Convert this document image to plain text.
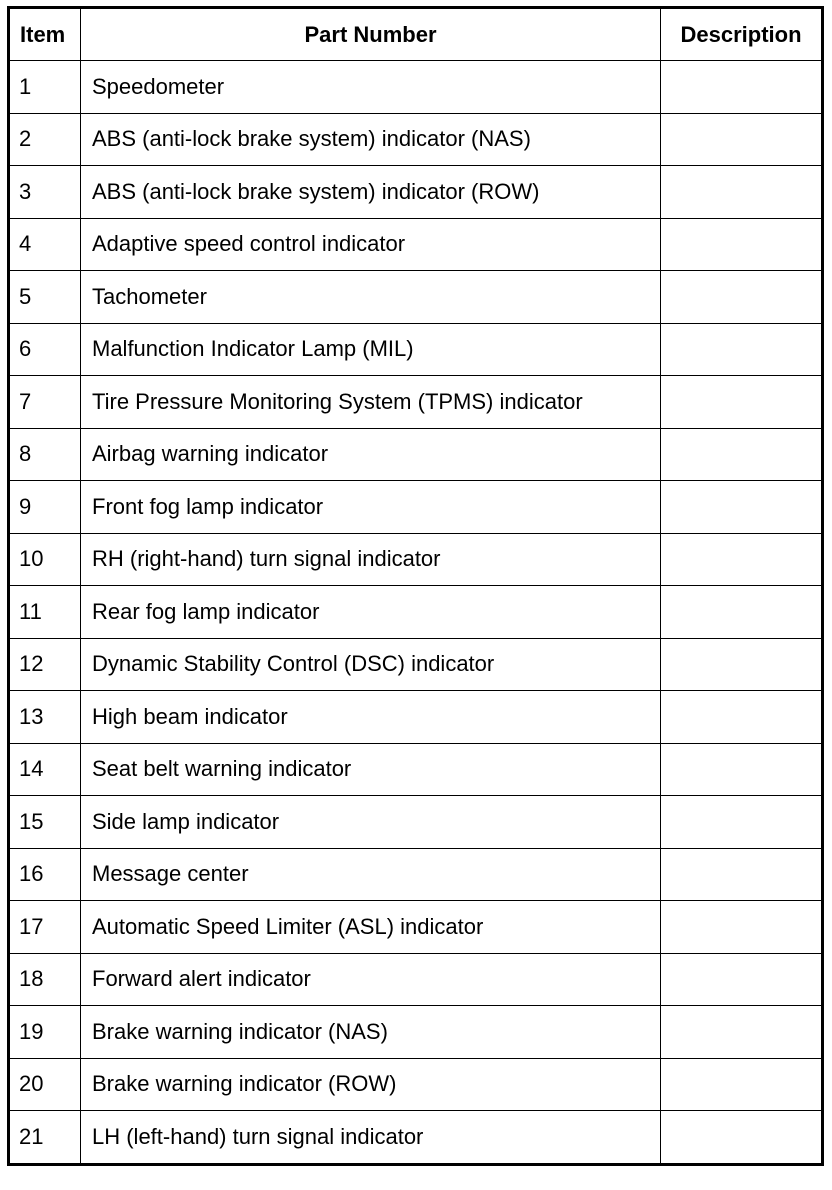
Item	Part Number	Description
1	Speedometer	
2	ABS (anti-lock brake system) indicator (NAS)	
3	ABS (anti-lock brake system) indicator (ROW)	
4	Adaptive speed control indicator	
5	Tachometer	
6	Malfunction Indicator Lamp (MIL)	
7	Tire Pressure Monitoring System (TPMS) indicator	
8	Airbag warning indicator	
9	Front fog lamp indicator	
10	RH (right-hand) turn signal indicator	
11	Rear fog lamp indicator	
12	Dynamic Stability Control (DSC) indicator	
13	High beam indicator	
14	Seat belt warning indicator	
15	Side lamp indicator	
16	Message center	
17	Automatic Speed Limiter (ASL) indicator	
18	Forward alert indicator	
19	Brake warning indicator (NAS)	
20	Brake warning indicator (ROW)	
21	LH (left-hand) turn signal indicator	
